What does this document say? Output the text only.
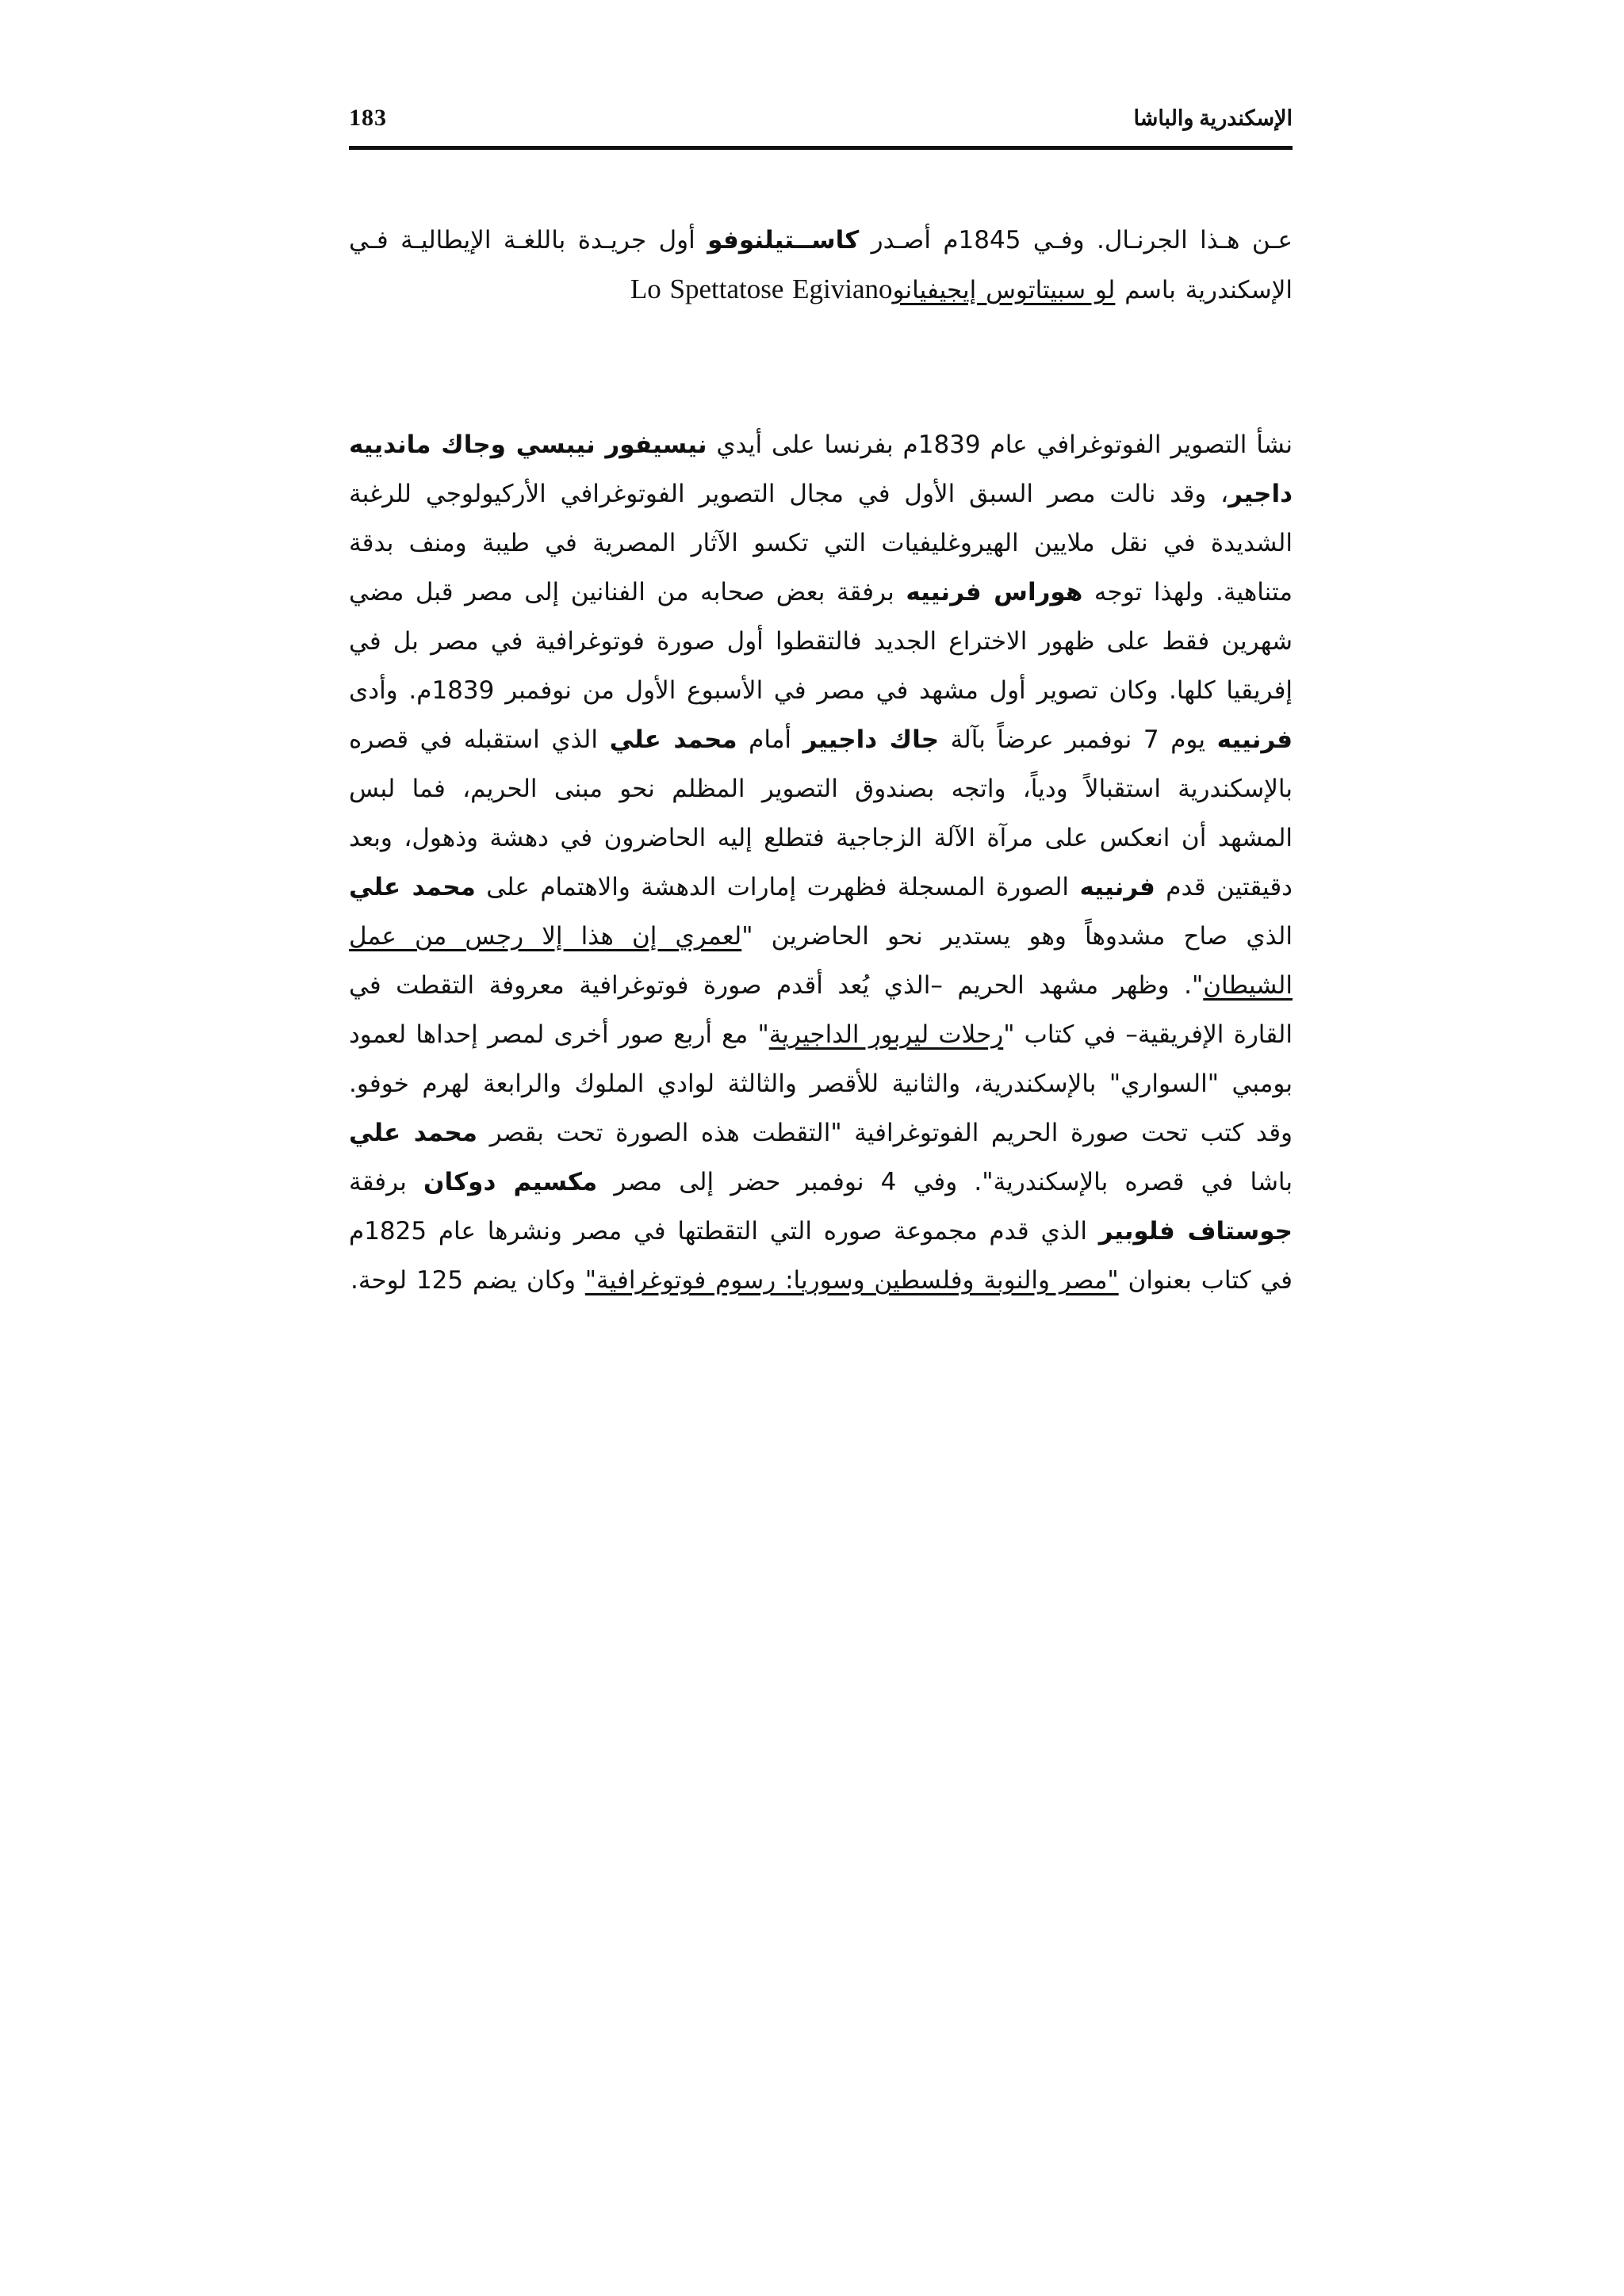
183	الإسكندرية والباشا

عـن هـذا الجرنـال. وفـي 1845م أصـدر كاســتيلنوفو أول جريـدة باللغـة الإيطاليـة فـي الإسكندرية باسم لو سبيتاتوس إيجيفيانوLo Spettatose Egiviano

نشأ التصوير الفوتوغرافي عام 1839م بفرنسا على أيدي نيسيفور نيبسي وجاك ماندييه داجير، وقد نالت مصر السبق الأول في مجال التصوير الفوتوغرافي الأركيولوجي للرغبة الشديدة في نقل ملايين الهيروغليفيات التي تكسو الآثار المصرية في طيبة ومنف بدقة متناهية. ولهذا توجه هوراس فرنييه برفقة بعض صحابه من الفنانين إلى مصر قبل مضي شهرين فقط على ظهور الاختراع الجديد فالتقطوا أول صورة فوتوغرافية في مصر بل في إفريقيا كلها. وكان تصوير أول مشهد في مصر في الأسبوع الأول من نوفمبر 1839م. وأدى فرنييه يوم 7 نوفمبر عرضاً بآلة جاك داجيير أمام محمد علي الذي استقبله في قصره بالإسكندرية استقبالاً ودياً، واتجه بصندوق التصوير المظلم نحو مبنى الحريم، فما لبس المشهد أن انعكس على مرآة الآلة الزجاجية فتطلع إليه الحاضرون في دهشة وذهول، وبعد دقيقتين قدم فرنييه الصورة المسجلة فظهرت إمارات الدهشة والاهتمام على محمد علي الذي صاح مشدوهاً وهو يستدير نحو الحاضرين "لعمري إن هذا إلا رجس من عمل الشيطان". وظهر مشهد الحريم –الذي يُعد أقدم صورة فوتوغرافية معروفة التقطت في القارة الإفريقية– في كتاب "رحلات ليربور الداجيرية" مع أربع صور أخرى لمصر إحداها لعمود بومبي "السواري" بالإسكندرية، والثانية للأقصر والثالثة لوادي الملوك والرابعة لهرم خوفو. وقد كتب تحت صورة الحريم الفوتوغرافية "التقطت هذه الصورة تحت بقصر محمد علي باشا في قصره بالإسكندرية". وفي 4 نوفمبر حضر إلى مصر مكسيم دوكان برفقة جوستاف فلوبير الذي قدم مجموعة صوره التي التقطتها في مصر ونشرها عام 1825م في كتاب بعنوان "مصر والنوبة وفلسطين وسوريا: رسوم فوتوغرافية" وكان يضم 125 لوحة.
